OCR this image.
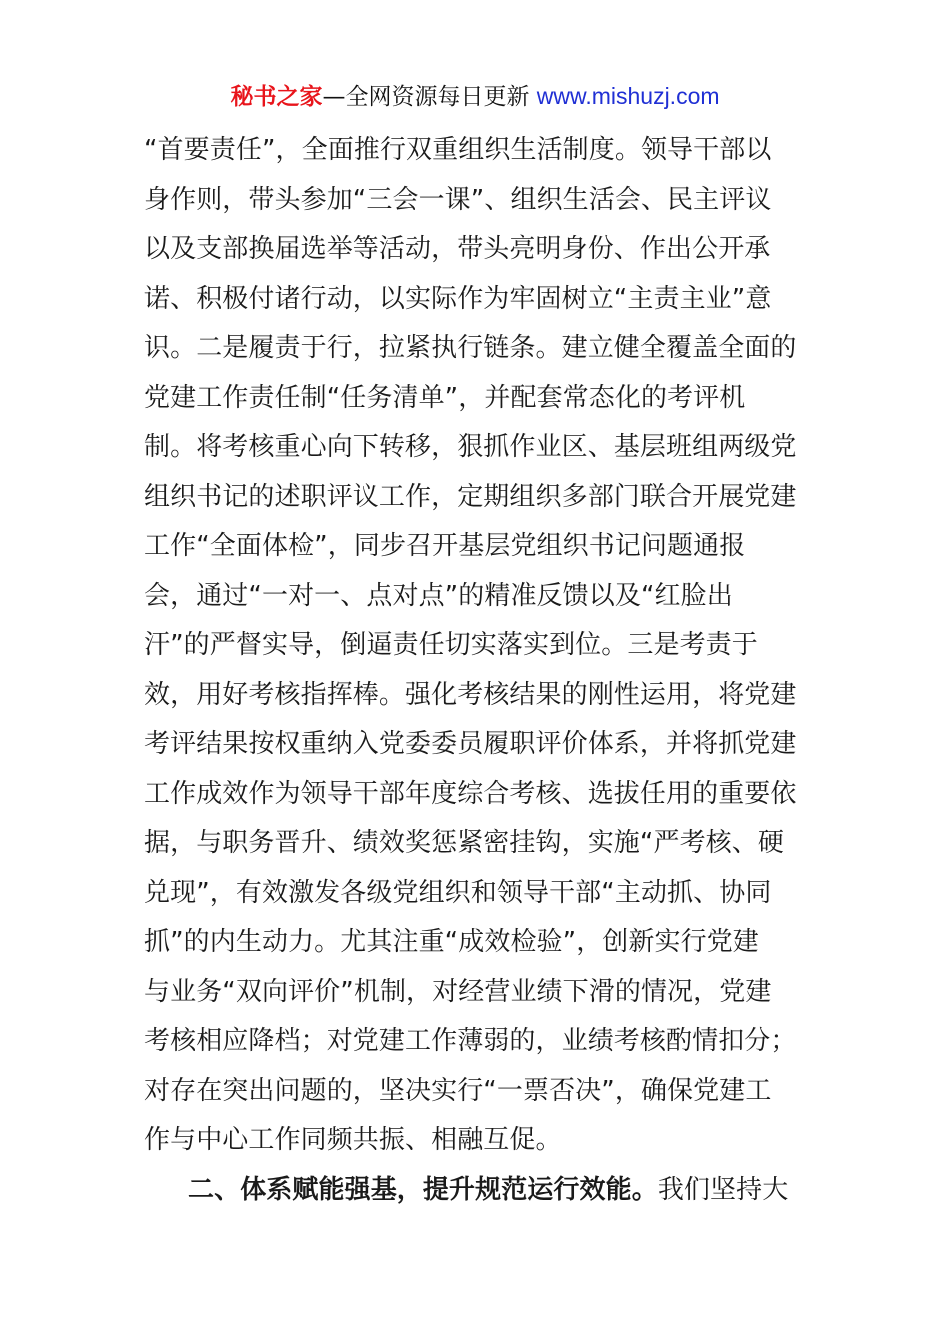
秘书之家—全网资源每日更新 www.mishuzj.com
“首要责任”，全面推行双重组织生活制度。领导干部以
身作则，带头参加“三会一课”、组织生活会、民主评议
以及支部换届选举等活动，带头亮明身份、作出公开承
诺、积极付诸行动，以实际作为牢固树立“主责主业”意
识。二是履责于行，拉紧执行链条。建立健全覆盖全面的
党建工作责任制“任务清单”，并配套常态化的考评机
制。将考核重心向下转移，狠抓作业区、基层班组两级党
组织书记的述职评议工作，定期组织多部门联合开展党建
工作“全面体检”，同步召开基层党组织书记问题通报
会，通过“一对一、点对点”的精准反馈以及“红脸出
汗”的严督实导，倒逼责任切实落实到位。三是考责于
效，用好考核指挥棒。强化考核结果的刚性运用，将党建
考评结果按权重纳入党委委员履职评价体系，并将抓党建
工作成效作为领导干部年度综合考核、选拔任用的重要依
据，与职务晋升、绩效奖惩紧密挂钩，实施“严考核、硬
兑现”，有效激发各级党组织和领导干部“主动抓、协同
抓”的内生动力。尤其注重“成效检验”，创新实行党建
与业务“双向评价”机制，对经营业绩下滑的情况，党建
考核相应降档；对党建工作薄弱的，业绩考核酌情扣分；
对存在突出问题的，坚决实行“一票否决”，确保党建工
作与中心工作同频共振、相融互促。
二、体系赋能强基，提升规范运行效能。我们坚持大
